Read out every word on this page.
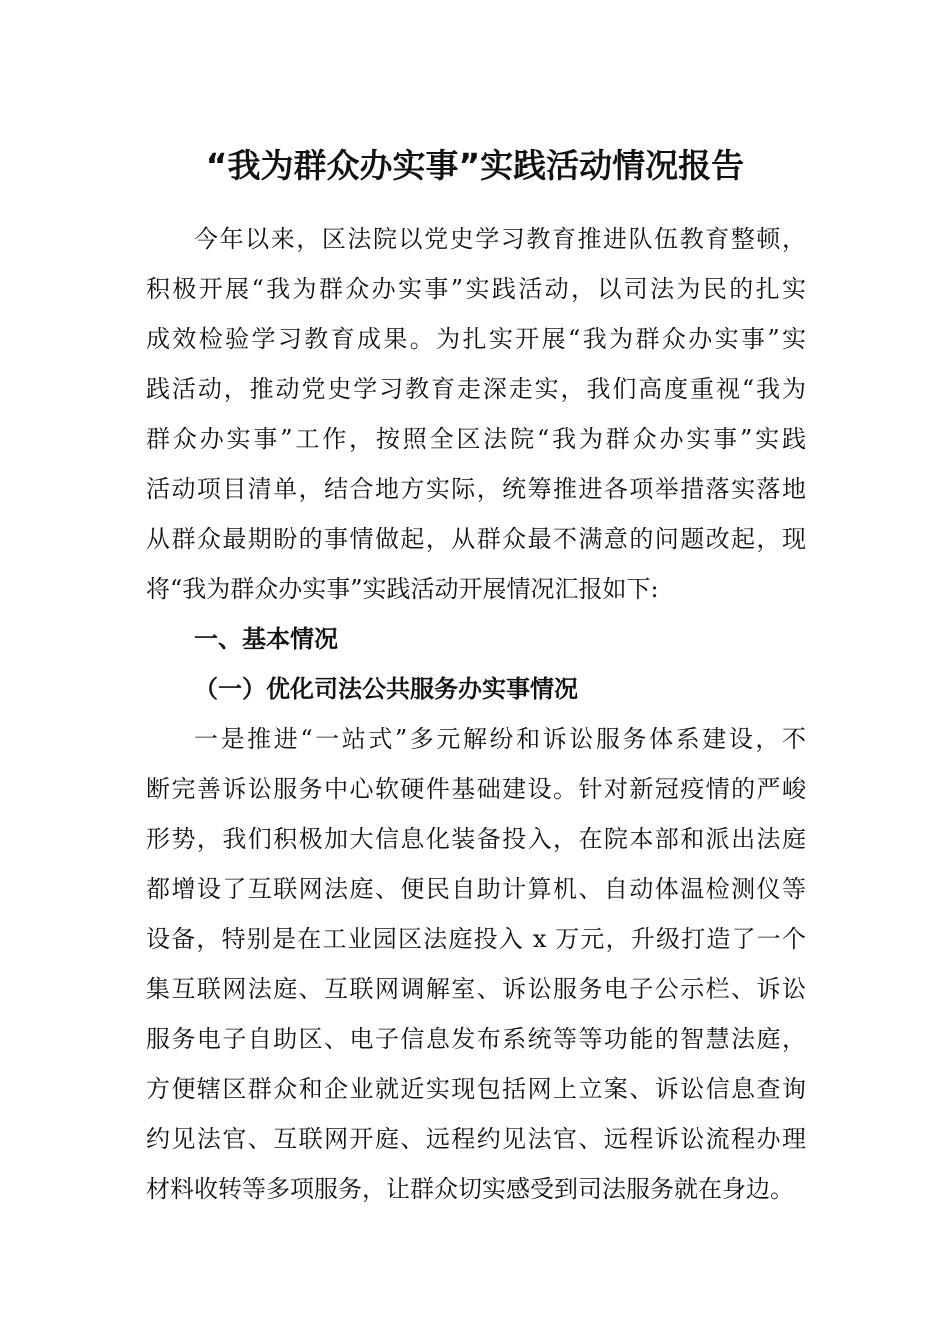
“我为群众办实事”实践活动情况报告

今年以来，区法院以党史学习教育推进队伍教育整顿，

积极开展“我为群众办实事”实践活动，以司法为民的扎实

成效检验学习教育成果。为扎实开展“我为群众办实事”实

践活动，推动党史学习教育走深走实，我们高度重视“我为

群众办实事”工作，按照全区法院“我为群众办实事”实践

活动项目清单，结合地方实际，统筹推进各项举措落实落地

从群众最期盼的事情做起，从群众最不满意的问题改起，现

将“我为群众办实事”实践活动开展情况汇报如下:

一、基本情况
（一）优化司法公共服务办实事情况

一是推进“一站式”多元解纷和诉讼服务体系建设，不

断完善诉讼服务中心软硬件基础建设。针对新冠疫情的严峻

形势，我们积极加大信息化装备投入，在院本部和派出法庭

都增设了互联网法庭、便民自助计算机、自动体温检测仪等

设备，特别是在工业园区法庭投入 x 万元，升级打造了一个

集互联网法庭、互联网调解室、诉讼服务电子公示栏、诉讼

服务电子自助区、电子信息发布系统等等功能的智慧法庭，

方便辖区群众和企业就近实现包括网上立案、诉讼信息查询

约见法官、互联网开庭、远程约见法官、远程诉讼流程办理

材料收转等多项服务，让群众切实感受到司法服务就在身边。
